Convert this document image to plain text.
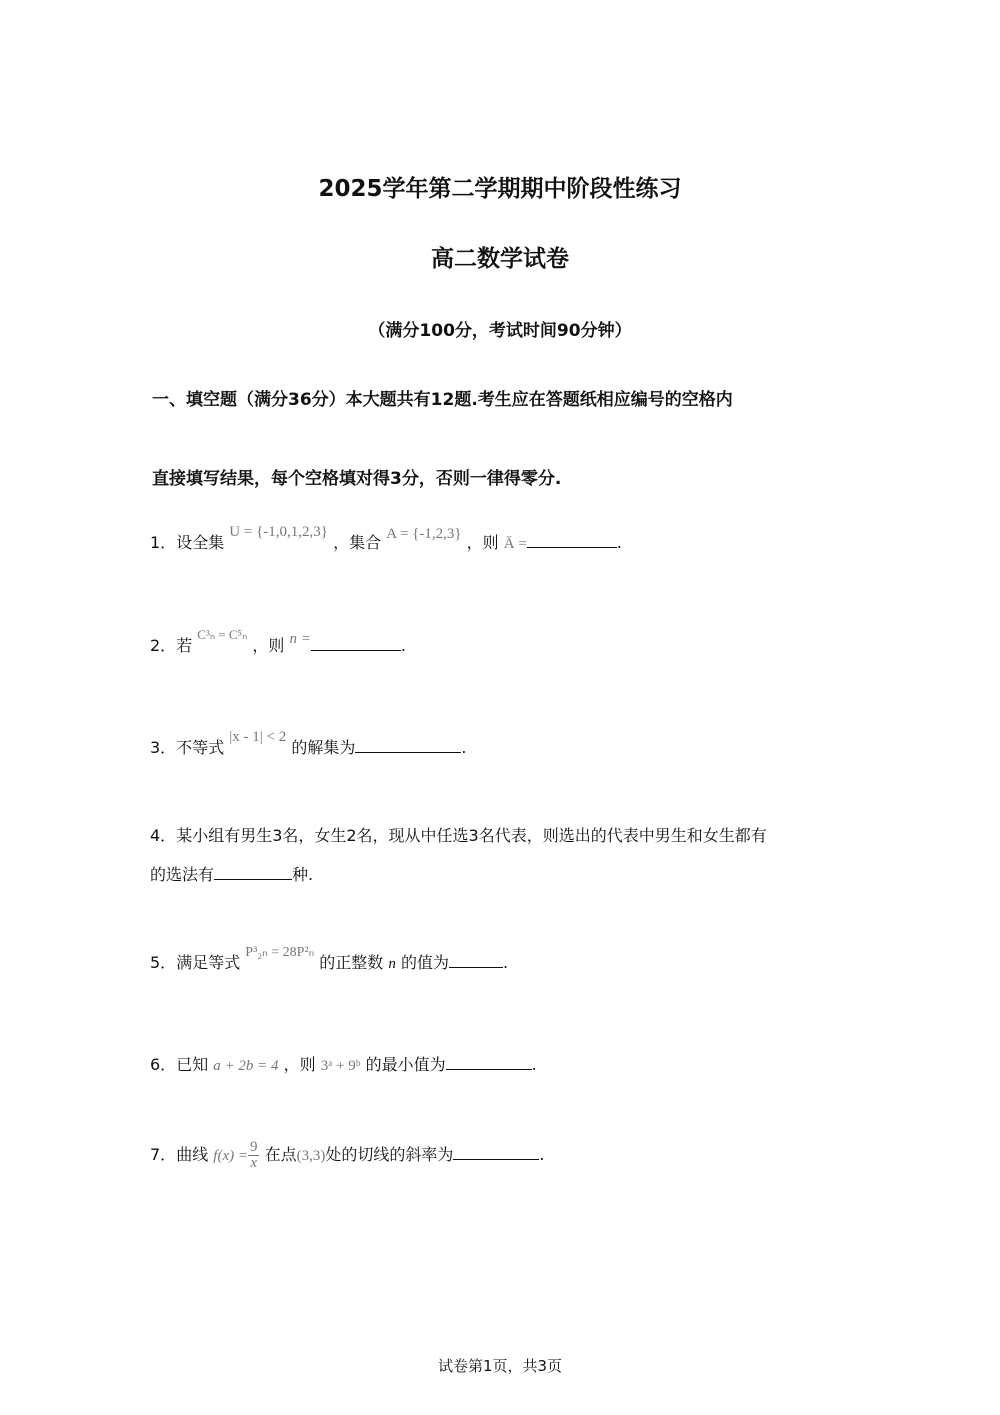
2025学年第二学期期中阶段性练习
高二数学试卷
（满分100分，考试时间90分钟）
一、填空题（满分36分）本大题共有12题.考生应在答题纸相应编号的空格内
直接填写结果，每个空格填对得3分，否则一律得零分.
1．设全集 U = {-1,0,1,2,3} ，集合 A = {-1,2,3} ，则 Ā =	.
2．若 $^{C^3_n = C^5_n}$ ，则 n =	.
3．不等式 |x - 1| < 2 的解集为	.
4．某小组有男生3名，女生2名，现从中任选3名代表，则选出的代表中男生和女生都有
的选法有	种.
5．满足等式 P³₂ₙ = 28P²ₙ 的正整数 n 的值为	.
6．已知 a + 2b = 4 ，则 3ᵃ + 9ᵇ 的最小值为	.
7．曲线 $f(x) = \frac{9}{x}$ 在点(3,3)处的切线的斜率为	.
试卷第1页，共3页
